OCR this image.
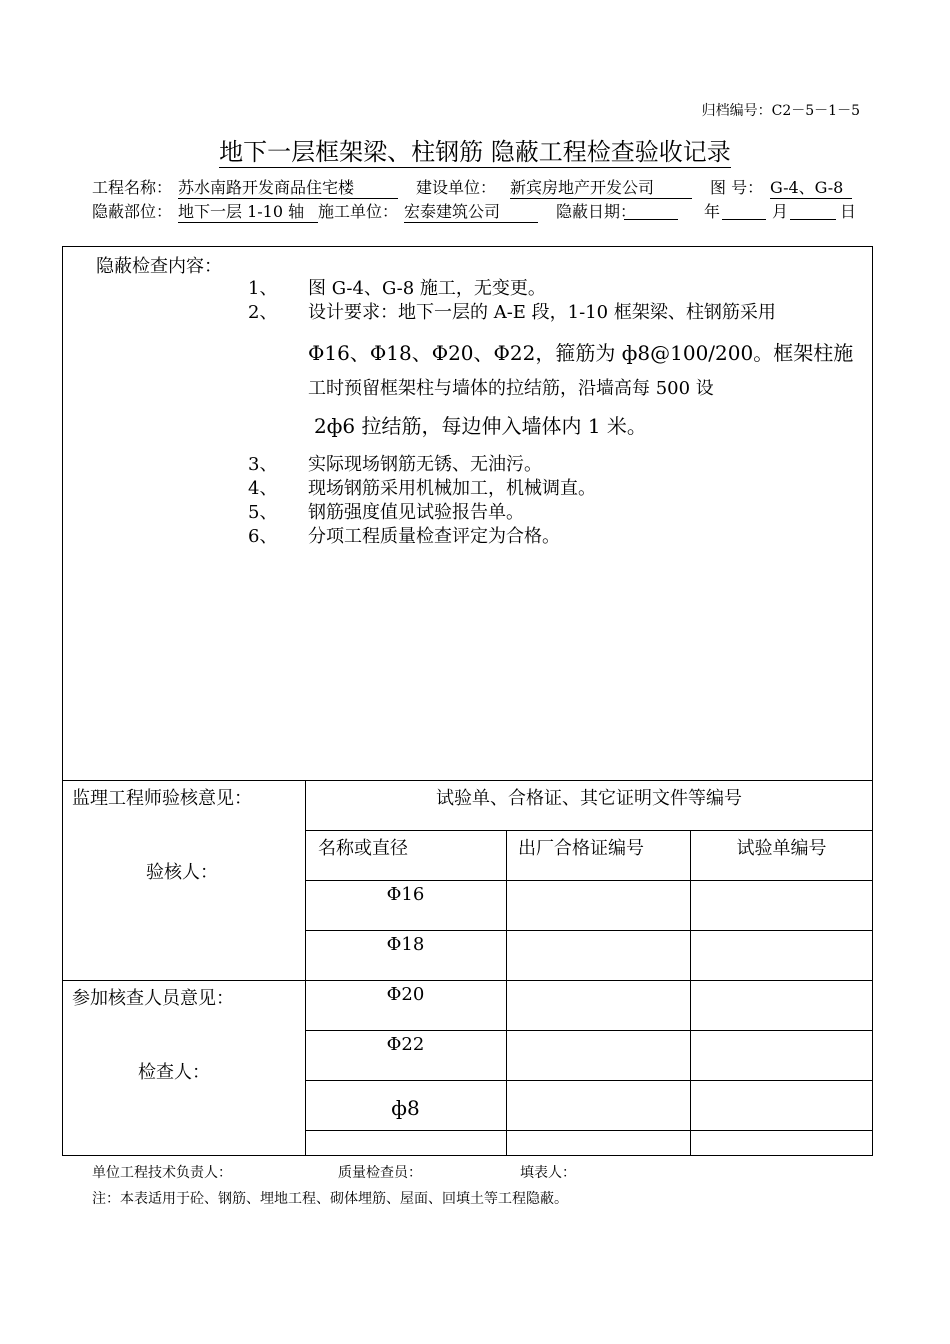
归档编号：C2－5－1－5
地下一层框架梁、柱钢筋 隐蔽工程检查验收记录
工程名称： 苏水南路开发商品住宅楼	建设单位： 新宾房地产开发公司	图 号： G-4、G-8
隐蔽部位： 地下一层 1-10 轴 施工单位： 宏泰建筑公司	隐蔽日期：	年	月	日
隐蔽检查内容：
1、 图 G-4、G-8 施工，无变更。
2、 设计要求：地下一层的 A-E 段，1-10 框架梁、柱钢筋采用
Φ16、Φ18、Φ20、Φ22，箍筋为 ф8@100/200。框架柱施
工时预留框架柱与墙体的拉结筋，沿墙高每 500 设
2ф6 拉结筋，每边伸入墙体内 1 米。
3、 实际现场钢筋无锈、无油污。
4、 现场钢筋采用机械加工，机械调直。
5、 钢筋强度值见试验报告单。
6、 分项工程质量检查评定为合格。
监理工程师验核意见：
验核人：
参加核查人员意见：
检查人：
试验单、合格证、其它证明文件等编号
名称或直径	出厂合格证编号	试验单编号
Φ16
Φ18
Φ20
Φ22
ф8
单位工程技术负责人：	质量检查员：	填表人：
注：本表适用于砼、钢筋、埋地工程、砌体埋筋、屋面、回填土等工程隐蔽。
